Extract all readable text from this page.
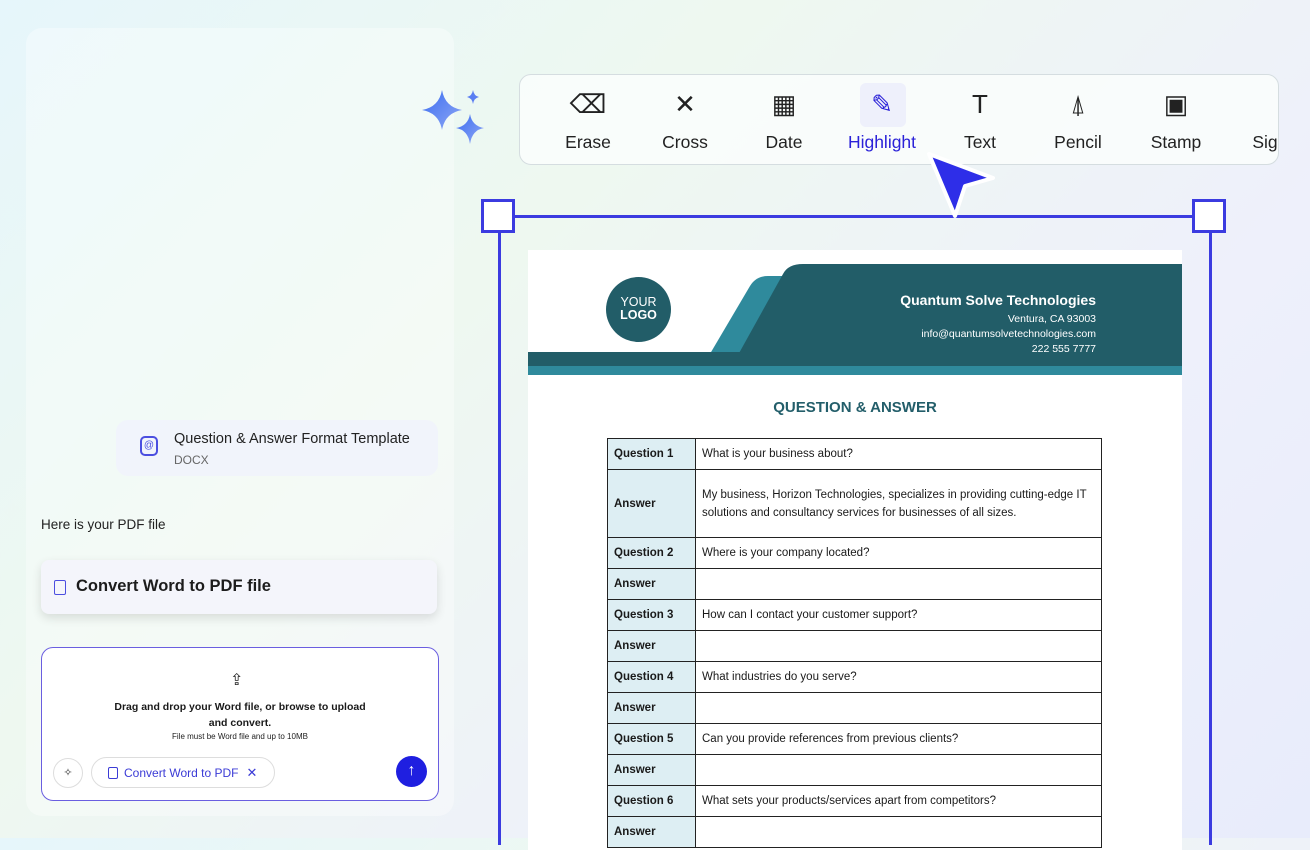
@ Question & Answer Format Template
DOCX
Here is your PDF file
Convert Word to PDF file
⇪
Drag and drop your Word file, or browse to upload and convert.
File must be Word file and up to 10MB
✧	Convert Word to PDF ✕	↑
⌫
Erase
✕
Cross
▦
Date
✎
Highlight
T
Text
⍋
Pencil
▣
Stamp	Sig
YOUR
LOGO
Quantum Solve Technologies
Ventura, CA 93003
info@quantumsolvetechnologies.com
222 555 7777
QUESTION & ANSWER
Question 1	What is your business about?
Answer	My business, Horizon Technologies, specializes in providing cutting-edge IT solutions and consultancy services for businesses of all sizes.
Question 2	Where is your company located?
Answer	
Question 3	How can I contact your customer support?
Answer	
Question 4	What industries do you serve?
Answer	
Question 5	Can you provide references from previous clients?
Answer	
Question 6	What sets your products/services apart from competitors?
Answer	
